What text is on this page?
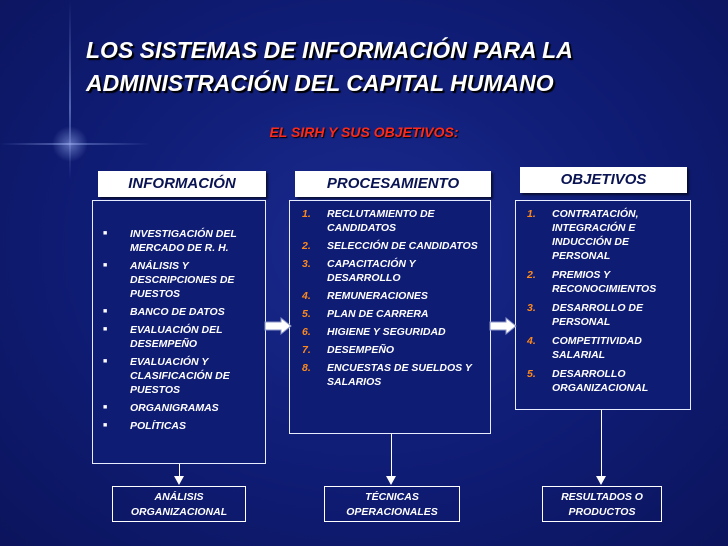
LOS SISTEMAS DE INFORMACIÓN PARA LA
ADMINISTRACIÓN DEL CAPITAL HUMANO
EL SIRH Y SUS OBJETIVOS:
INFORMACIÓN	PROCESAMIENTO	OBJETIVOS
■ INVESTIGACIÓN DEL MERCADO DE R. H.
■ ANÁLISIS Y DESCRIPCIONES DE PUESTOS
■ BANCO DE DATOS
■ EVALUACIÓN DEL DESEMPEÑO
■ EVALUACIÓN Y CLASIFICACIÓN DE PUESTOS
■ ORGANIGRAMAS
■ POLÍTICAS
1. RECLUTAMIENTO DE CANDIDATOS
2. SELECCIÓN DE CANDIDATOS
3. CAPACITACIÓN Y DESARROLLO
4. REMUNERACIONES
5. PLAN DE CARRERA
6. HIGIENE Y SEGURIDAD
7. DESEMPEÑO
8. ENCUESTAS DE SUELDOS Y SALARIOS
1. CONTRATACIÓN, INTEGRACIÓN E INDUCCIÓN DE PERSONAL
2. PREMIOS Y RECONOCIMIENTOS
3. DESARROLLO DE PERSONAL
4. COMPETITIVIDAD SALARIAL
5. DESARROLLO ORGANIZACIONAL
ANÁLISIS
ORGANIZACIONAL
TÉCNICAS
OPERACIONALES
RESULTADOS O
PRODUCTOS
